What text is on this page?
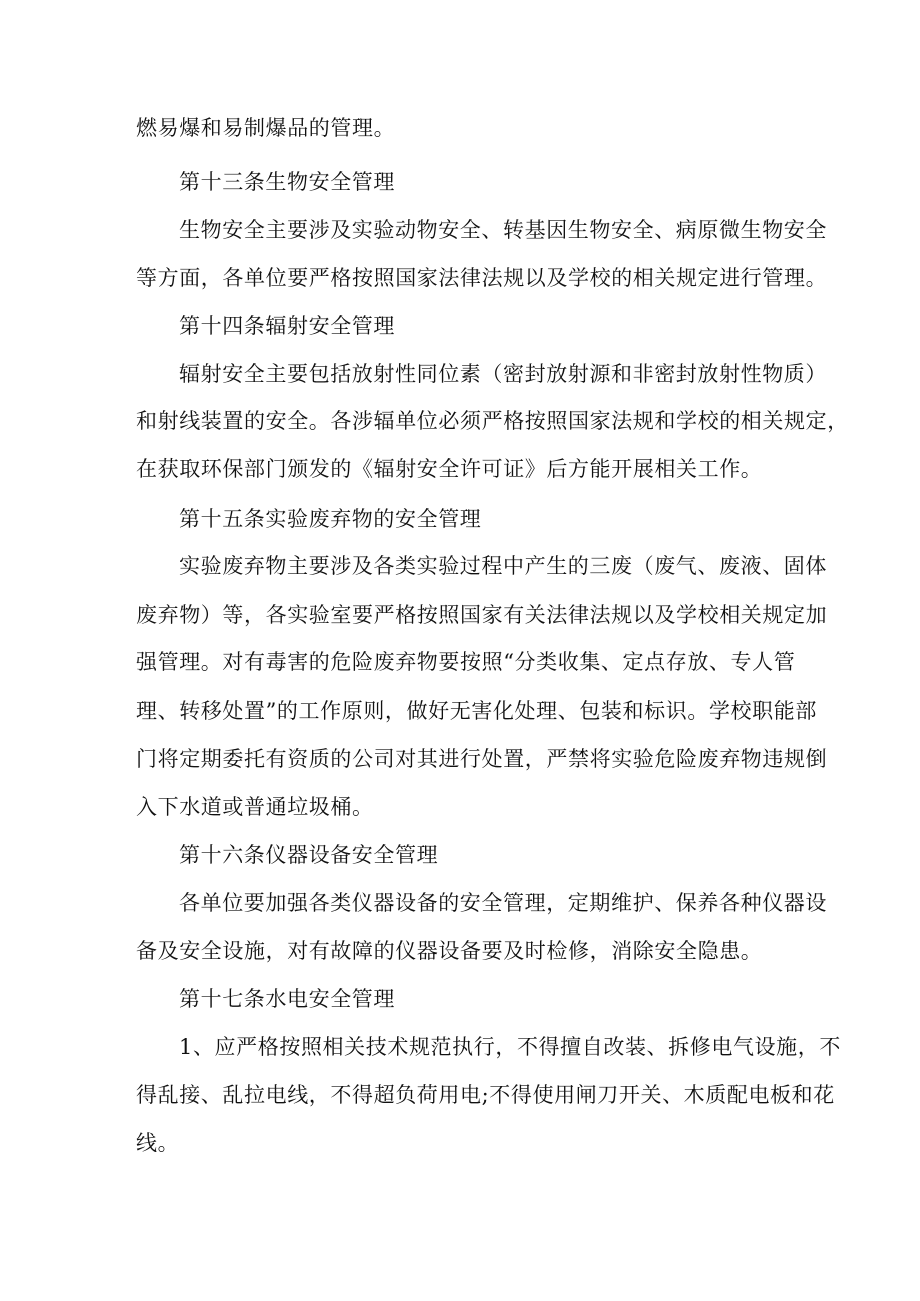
燃易爆和易制爆品的管理。
第十三条生物安全管理
生物安全主要涉及实验动物安全、转基因生物安全、病原微生物安全
等方面，各单位要严格按照国家法律法规以及学校的相关规定进行管理。
第十四条辐射安全管理
辐射安全主要包括放射性同位素（密封放射源和非密封放射性物质）
和射线装置的安全。各涉辐单位必须严格按照国家法规和学校的相关规定，
在获取环保部门颁发的《辐射安全许可证》后方能开展相关工作。
第十五条实验废弃物的安全管理
实验废弃物主要涉及各类实验过程中产生的三废（废气、废液、固体
废弃物）等，各实验室要严格按照国家有关法律法规以及学校相关规定加
强管理。对有毒害的危险废弃物要按照“分类收集、定点存放、专人管
理、转移处置”的工作原则，做好无害化处理、包装和标识。学校职能部
门将定期委托有资质的公司对其进行处置，严禁将实验危险废弃物违规倒
入下水道或普通垃圾桶。
第十六条仪器设备安全管理
各单位要加强各类仪器设备的安全管理，定期维护、保养各种仪器设
备及安全设施，对有故障的仪器设备要及时检修，消除安全隐患。
第十七条水电安全管理
1、应严格按照相关技术规范执行，不得擅自改装、拆修电气设施，不
得乱接、乱拉电线，不得超负荷用电;不得使用闸刀开关、木质配电板和花
线。
